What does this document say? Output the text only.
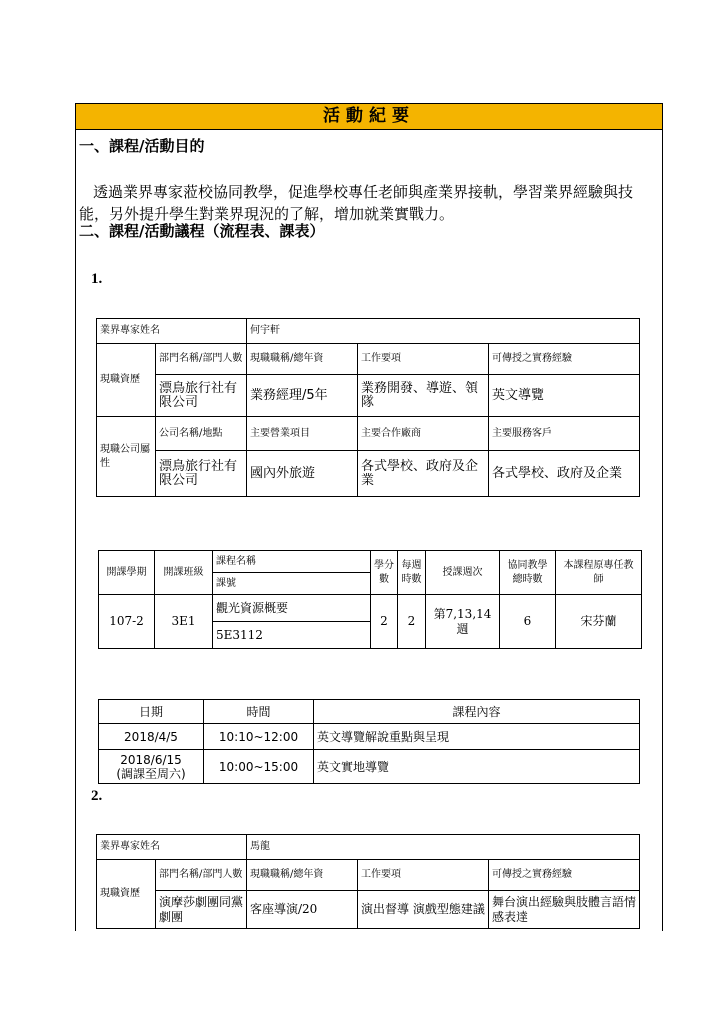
活動紀要
一、課程/活動目的
透過業界專家蒞校協同教學，促進學校專任老師與產業界接軌，學習業界經驗與技能，另外提升學生對業界現況的了解，增加就業實戰力。
二、課程/活動議程（流程表、課表）
1.
業界專家姓名		何宇軒		
現職資歷	部門名稱/部門人數	現職職稱/總年資	工作要項	可傳授之實務經驗
	漂鳥旅行社有限公司	業務經理/5年	業務開發、導遊、領隊	英文導覽
現職公司屬性	公司名稱/地點	主要營業項目	主要合作廠商	主要服務客戶
	漂鳥旅行社有限公司	國內外旅遊	各式學校、政府及企業	各式學校、政府及企業
開課學期	開課班級	課程名稱	學分數	每週時數	授課週次	協同教學總時數	本課程原專任教師
		課號					
107-2	3E1	觀光資源概要	2	2	第7,13,14週	6	宋芬蘭
		5E3112					
日期	時間	課程內容
2018/4/5	10:10~12:00	英文導覽解說重點與呈現

2018/6/15
(調課至周六)	10:00~15:00	英文實地導覽
2.
業界專家姓名		馬龍		
現職資歷	部門名稱/部門人數	現職職稱/總年資	工作要項	可傳授之實務經驗
	演摩莎劇團同黨劇團	客座導演/20	演出督導 演戲型態建議	舞台演出經驗與肢體言語情感表達
